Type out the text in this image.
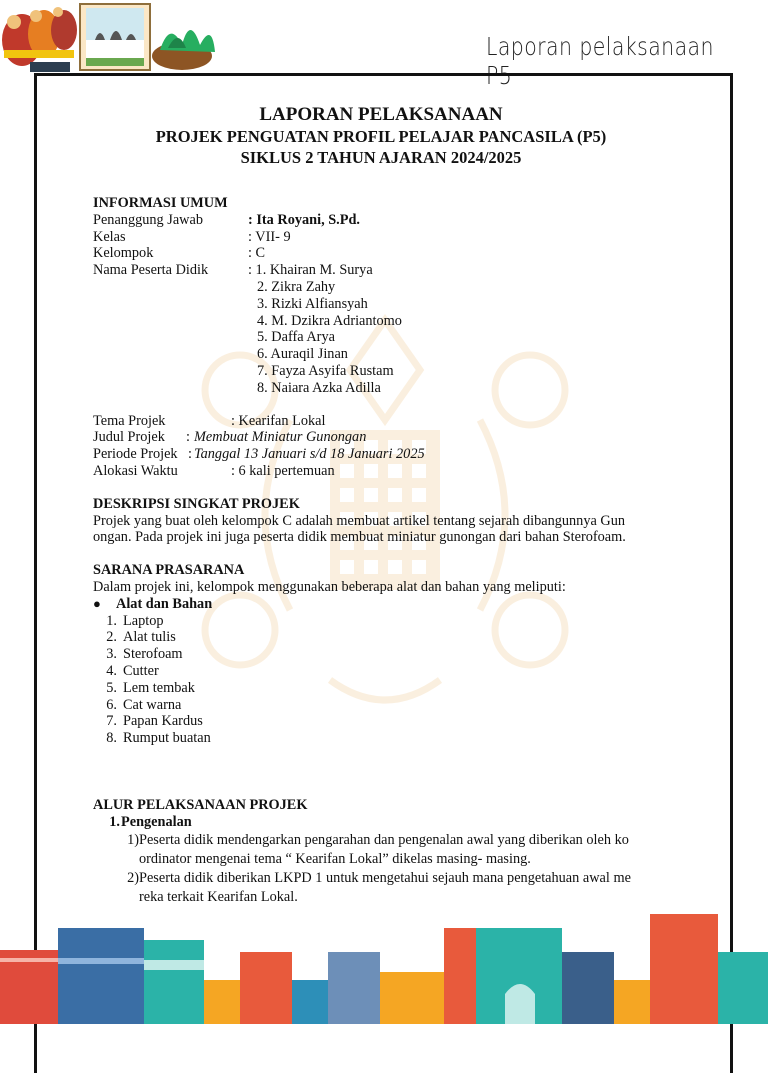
Laporan pelaksanaan P5
LAPORAN PELAKSANAAN
PROJEK PENGUATAN PROFIL PELAJAR PANCASILA (P5)
SIKLUS 2 TAHUN AJARAN 2024/2025
INFORMASI UMUM
Penanggung Jawab	: Ita Royani, S.Pd.
Kelas	: VII- 9
Kelompok	: C
Nama Peserta Didik	: 1. Khairan M. Surya
2. Zikra Zahy
3. Rizki Alfiansyah
4. M. Dzikra Adriantomo
5. Daffa Arya
6. Auraqil Jinan
7. Fayza Asyifa Rustam
8. Naiara Azka Adilla
Tema Projek	: Kearifan Lokal
Judul Projek	: Membuat Miniatur Gunongan
Periode Projek : Tanggal 13 Januari s/d 18 Januari 2025
Alokasi Waktu	: 6 kali pertemuan
DESKRIPSI SINGKAT PROJEK
Projek yang buat oleh kelompok C adalah membuat artikel tentang sejarah dibangunnya Gun
ongan. Pada projek ini juga peserta didik membuat miniatur gunongan dari bahan Sterofoam.
SARANA PRASARANA
Dalam projek ini, kelompok menggunakan beberapa alat dan bahan yang meliputi:
●	Alat dan Bahan
1. Laptop
2. Alat tulis
3. Sterofoam
4. Cutter
5. Lem tembak
6. Cat warna
7. Papan Kardus
8. Rumput buatan
ALUR PELAKSANAAN PROJEK
1. Pengenalan
1) Peserta didik mendengarkan pengarahan dan pengenalan awal yang diberikan oleh ko
ordinator mengenai tema “ Kearifan Lokal” dikelas masing- masing.
2) Peserta didik diberikan LKPD 1 untuk mengetahui sejauh mana pengetahuan awal me
reka terkait Kearifan Lokal.
